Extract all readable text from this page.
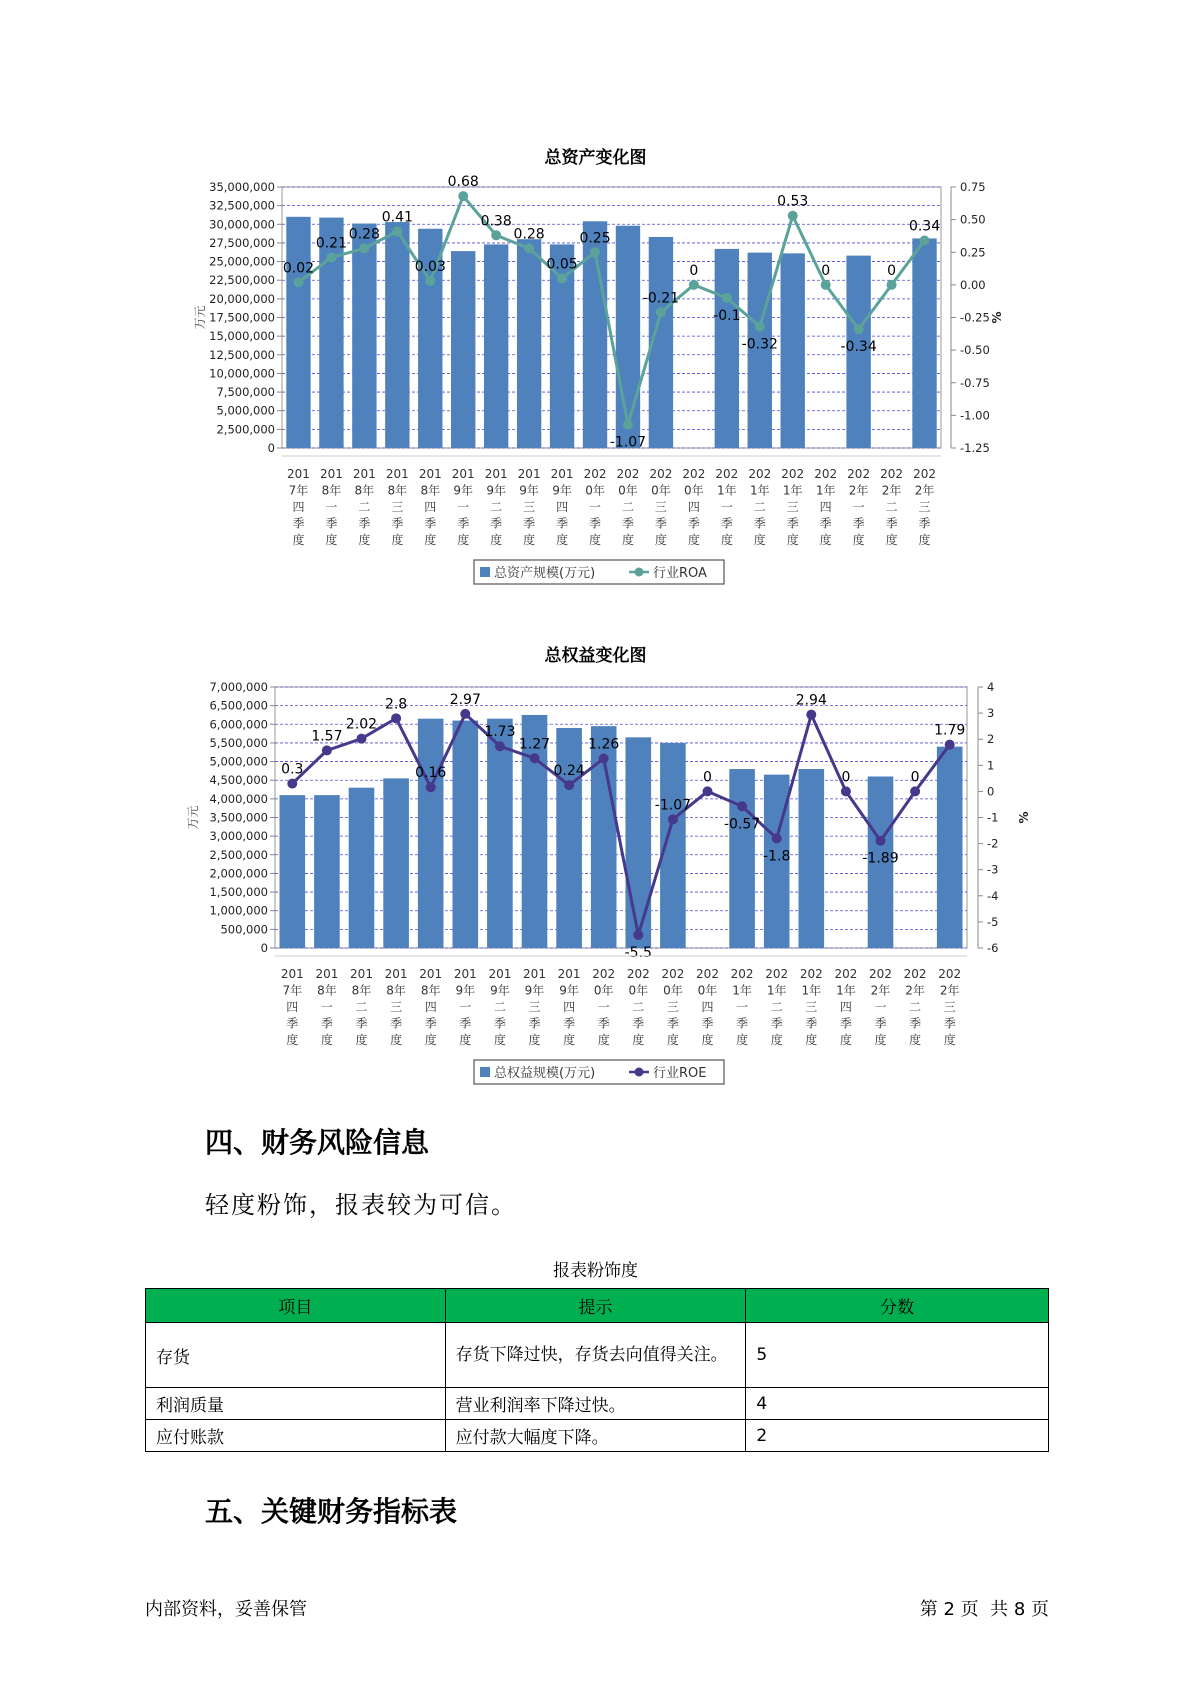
总资产变化图
0
2,500,000
5,000,000
7,500,000
10,000,000
12,500,000
15,000,000
17,500,000
20,000,000
22,500,000
25,000,000
27,500,000
30,000,000
32,500,000
35,000,000
-1.25
-1.00
-0.75
-0.50
-0.25
0.00
0.25
0.50
0.75
万元	%
0.02
0.21
0.28
0.41
0.03
0.68
0.38
0.28
0.05
0.25
-1.07
-0.21
0
-0.1
-0.32
0.53
0
-0.34
0
0.34
201 7年四季度
201 8年一季度
201 8年二季度
201 8年三季度
201 8年四季度
201 9年一季度
201 9年二季度
201 9年三季度
201 9年四季度
202 0年一季度
202 0年二季度
202 0年三季度
202 0年四季度
202 1年一季度
202 1年二季度
202 1年三季度
202 1年四季度
202 2年一季度
202 2年二季度
202 2年三季度
总资产规模(万元)	行业ROA
总权益变化图
0
500,000
1,000,000
1,500,000
2,000,000
2,500,000
3,000,000
3,500,000
4,000,000
4,500,000
5,000,000
5,500,000
6,000,000
6,500,000
7,000,000
-6
-5
-4
-3
-2
-1
0
1
2
3
4
万元	%
0.3
1.57
2.02
2.8
0.16
2.97
1.73
1.27
0.24
1.26
-5.5
-1.07
0
-0.57
-1.8
2.94
0
-1.89
0
1.79
201 7年四季度
201 8年一季度
201 8年二季度
201 8年三季度
201 8年四季度
201 9年一季度
201 9年二季度
201 9年三季度
201 9年四季度
202 0年一季度
202 0年二季度
202 0年三季度
202 0年四季度
202 1年一季度
202 1年二季度
202 1年三季度
202 1年四季度
202 2年一季度
202 2年二季度
202 2年三季度
总权益规模(万元)	行业ROE
四、财务风险信息
轻度粉饰，报表较为可信。
报表粉饰度
项目	提示	分数
存货	存货下降过快，存货去向值得关注。	5
利润质量	营业利润率下降过快。	4
应付账款	应付款大幅度下降。	2
五、关键财务指标表
内部资料，妥善保管	第 2 页  共 8 页
